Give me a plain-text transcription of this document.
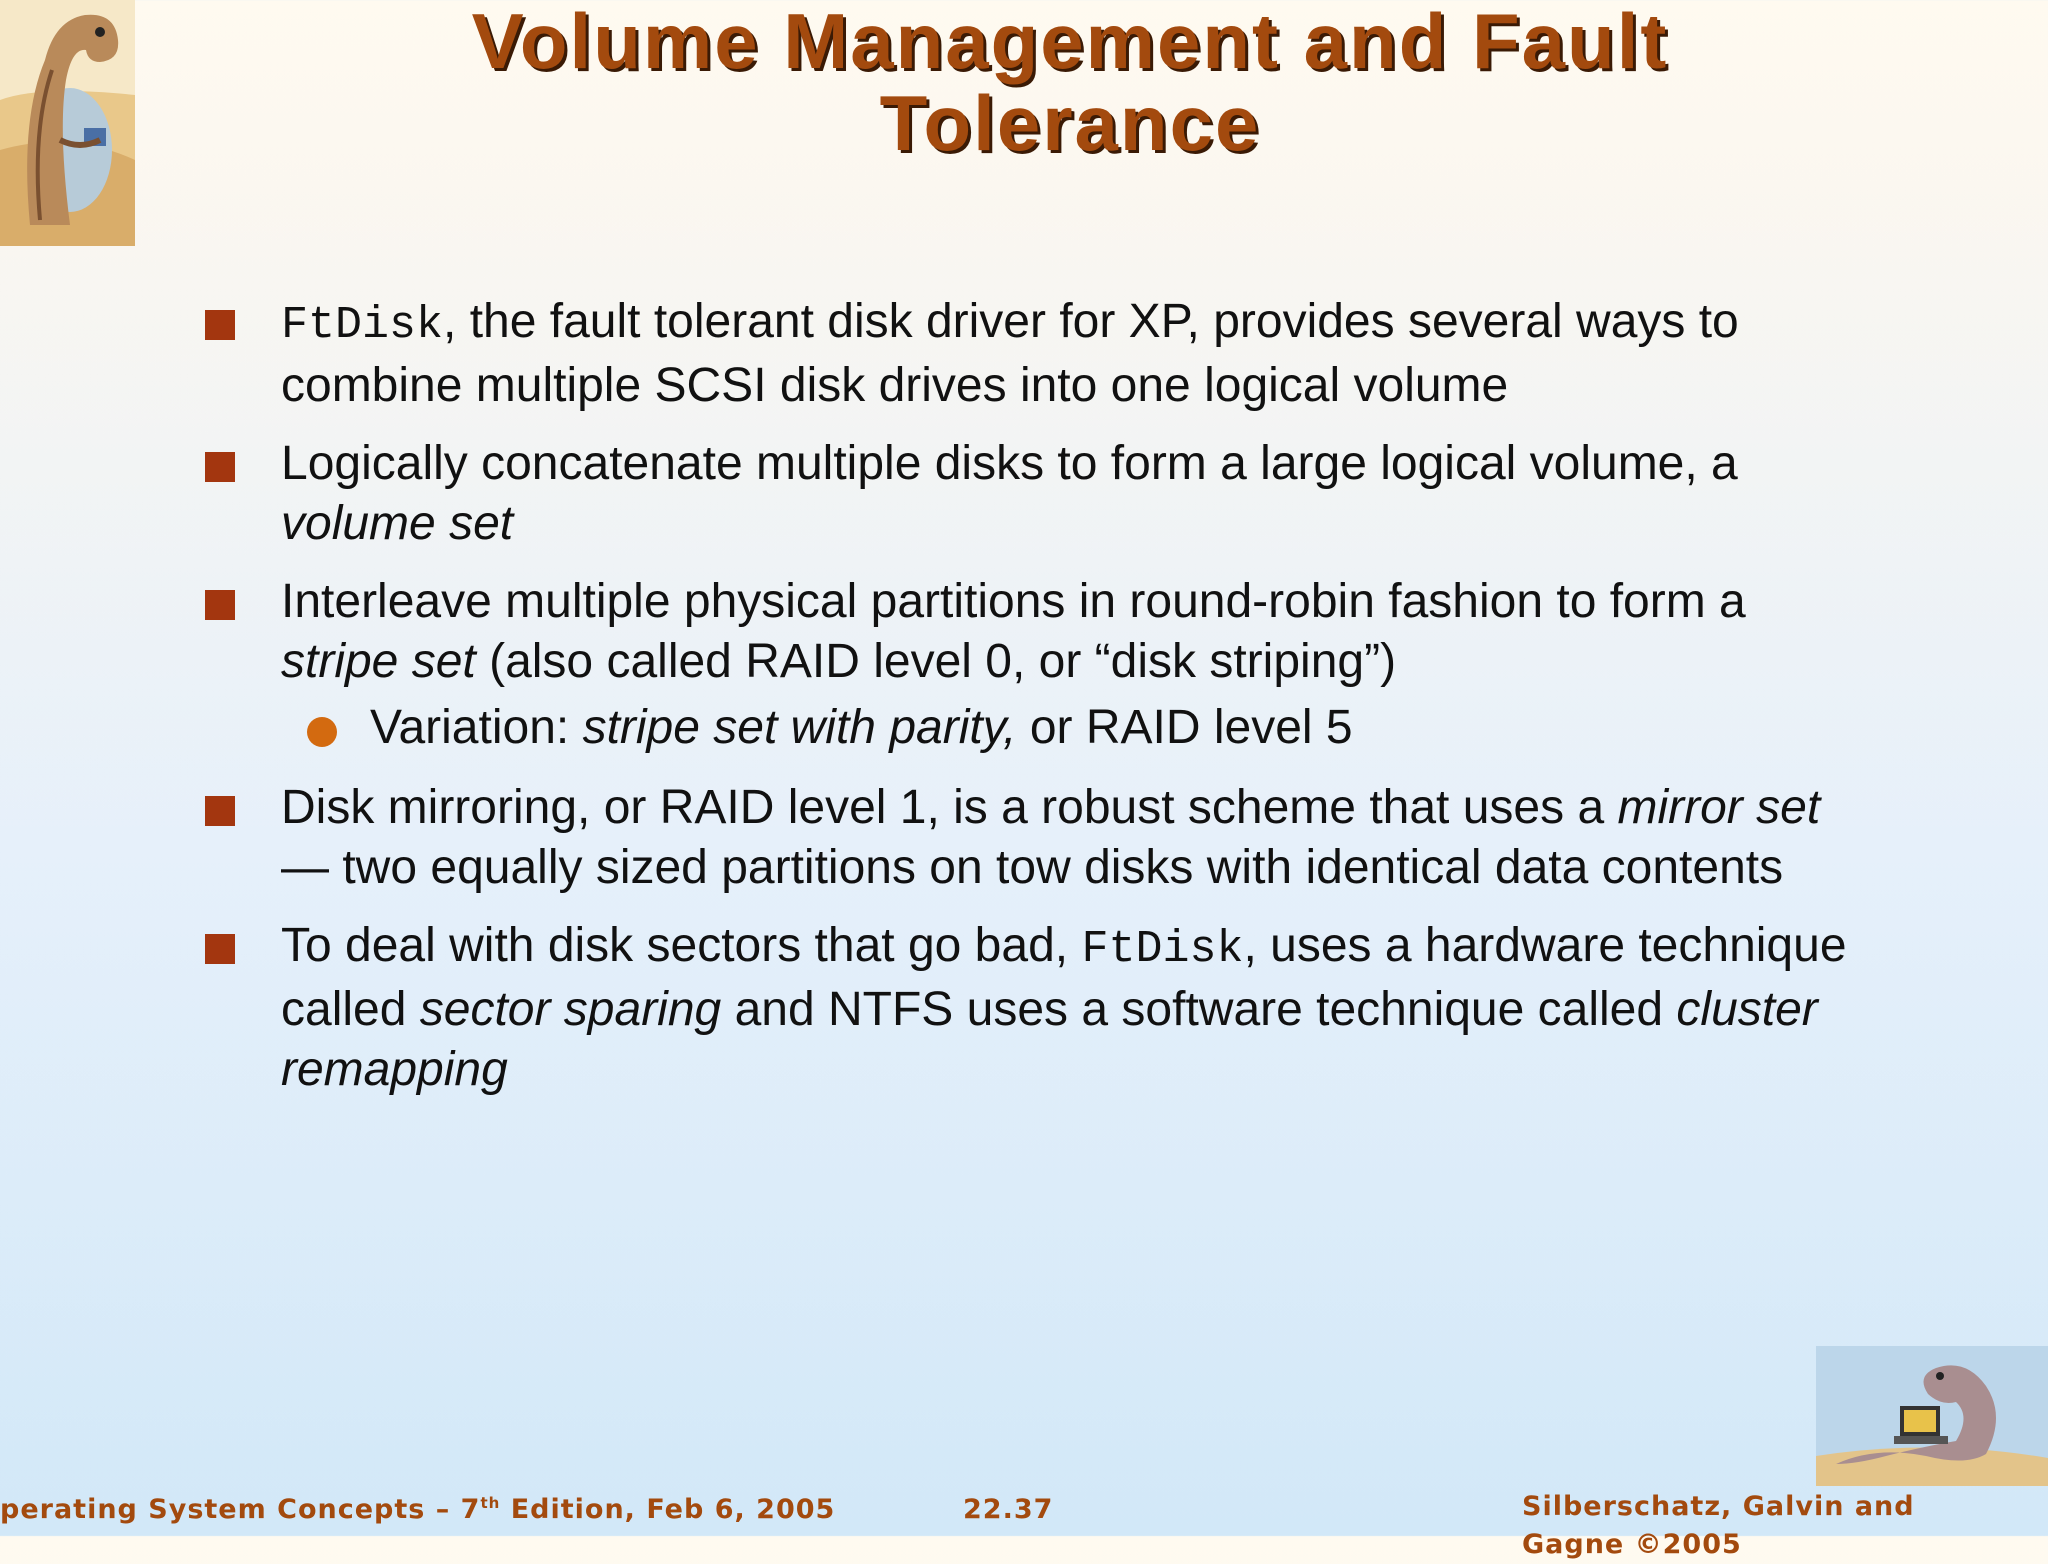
Volume Management and Fault Tolerance
FtDisk, the fault tolerant disk driver for XP, provides several ways to combine multiple SCSI disk drives into one logical volume
Logically concatenate multiple disks to form a large logical volume, a volume set
Interleave multiple physical partitions in round-robin fashion to form a stripe set (also called RAID level 0, or “disk striping”)
Variation: stripe set with parity, or RAID level 5
Disk mirroring, or RAID level 1, is a robust scheme that uses a mirror set — two equally sized partitions on tow disks with identical data contents
To deal with disk sectors that go bad, FtDisk, uses a hardware technique called sector sparing and NTFS uses a software technique called cluster remapping
perating System Concepts – 7th Edition, Feb 6, 2005	22.37	Silberschatz, Galvin and Gagne ©2005
